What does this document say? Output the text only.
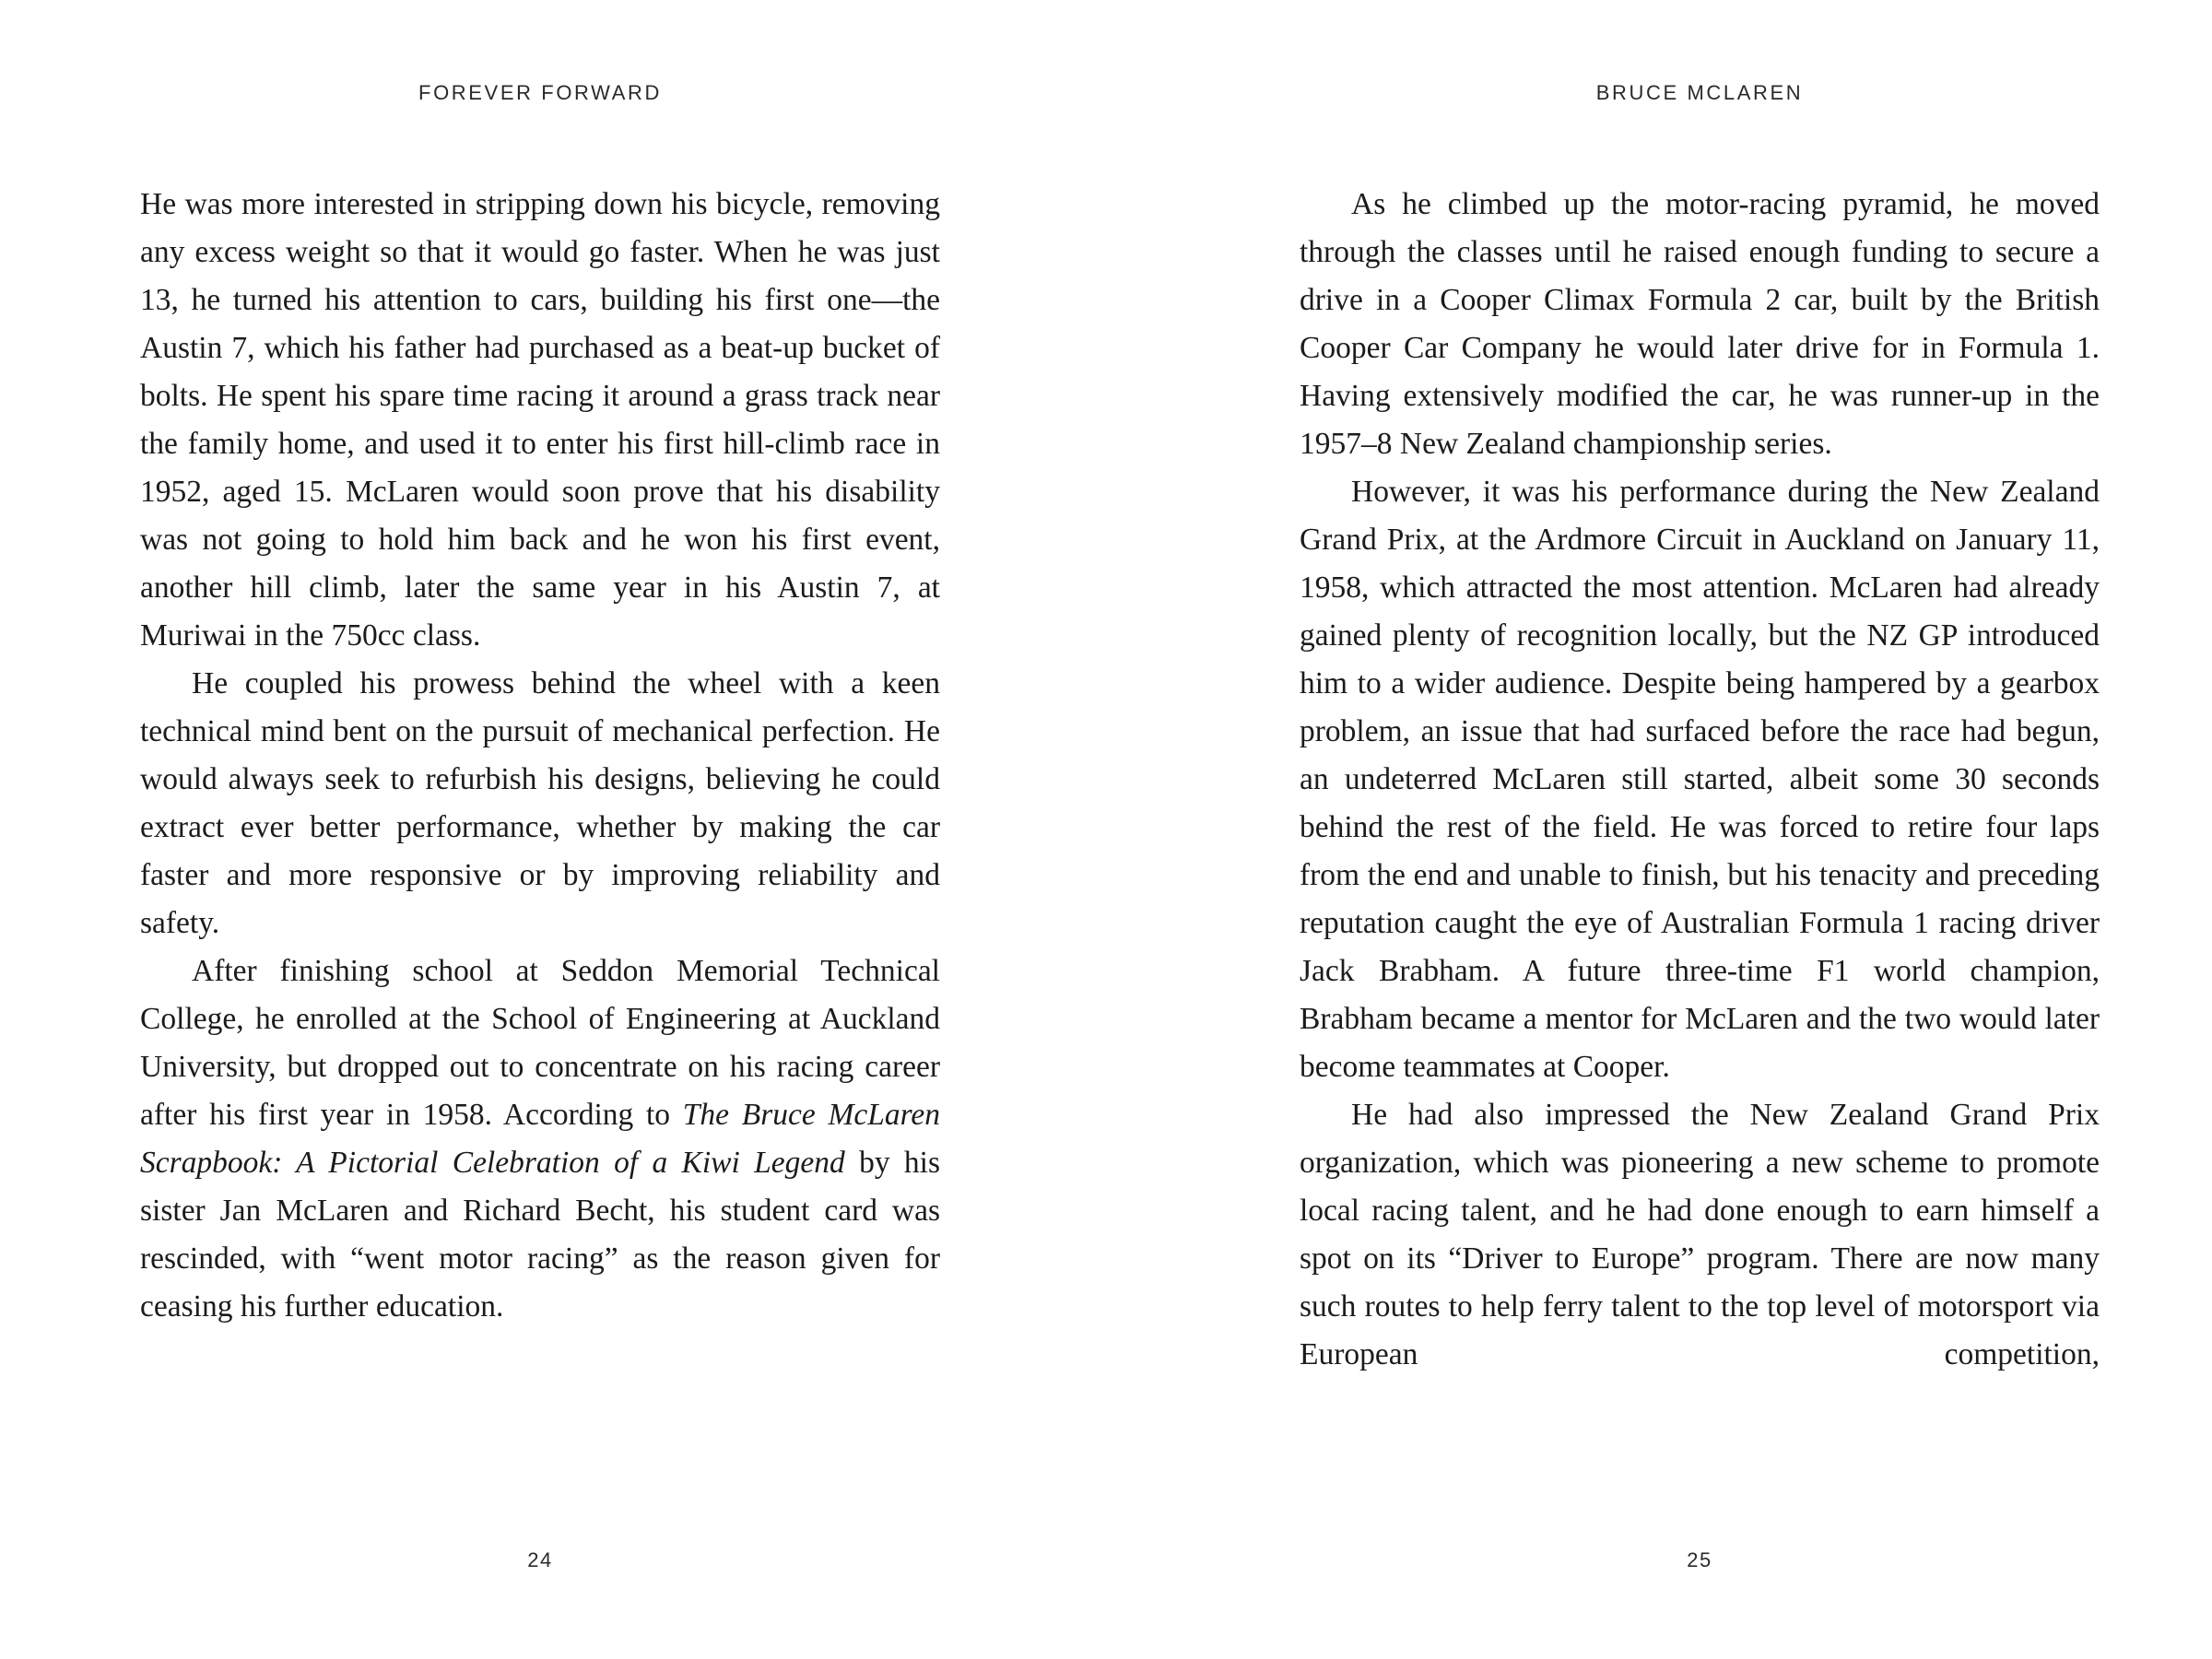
FOREVER FORWARD

He was more interested in stripping down his bicycle, removing any excess weight so that it would go faster. When he was just 13, he turned his attention to cars, building his first one—the Austin 7, which his father had purchased as a beat-up bucket of bolts. He spent his spare time racing it around a grass track near the family home, and used it to enter his first hill-climb race in 1952, aged 15. McLaren would soon prove that his disability was not going to hold him back and he won his first event, another hill climb, later the same year in his Austin 7, at Muriwai in the 750cc class.

He coupled his prowess behind the wheel with a keen technical mind bent on the pursuit of mechanical perfection. He would always seek to refurbish his designs, believing he could extract ever better performance, whether by making the car faster and more responsive or by improving reliability and safety.

After finishing school at Seddon Memorial Technical College, he enrolled at the School of Engineering at Auckland University, but dropped out to concentrate on his racing career after his first year in 1958. According to The Bruce McLaren Scrapbook: A Pictorial Celebration of a Kiwi Legend by his sister Jan McLaren and Richard Becht, his student card was rescinded, with “went motor racing” as the reason given for ceasing his further education.

24
BRUCE MCLAREN

As he climbed up the motor-racing pyramid, he moved through the classes until he raised enough funding to secure a drive in a Cooper Climax Formula 2 car, built by the British Cooper Car Company he would later drive for in Formula 1. Having extensively modified the car, he was runner-up in the 1957–8 New Zealand championship series.

However, it was his performance during the New Zealand Grand Prix, at the Ardmore Circuit in Auckland on January 11, 1958, which attracted the most attention. McLaren had already gained plenty of recognition locally, but the NZ GP introduced him to a wider audience. Despite being hampered by a gearbox problem, an issue that had surfaced before the race had begun, an undeterred McLaren still started, albeit some 30 seconds behind the rest of the field. He was forced to retire four laps from the end and unable to finish, but his tenacity and preceding reputation caught the eye of Australian Formula 1 racing driver Jack Brabham. A future three-time F1 world champion, Brabham became a mentor for McLaren and the two would later become teammates at Cooper.

He had also impressed the New Zealand Grand Prix organization, which was pioneering a new scheme to promote local racing talent, and he had done enough to earn himself a spot on its “Driver to Europe” program. There are now many such routes to help ferry talent to the top level of motorsport via European competition,

25
